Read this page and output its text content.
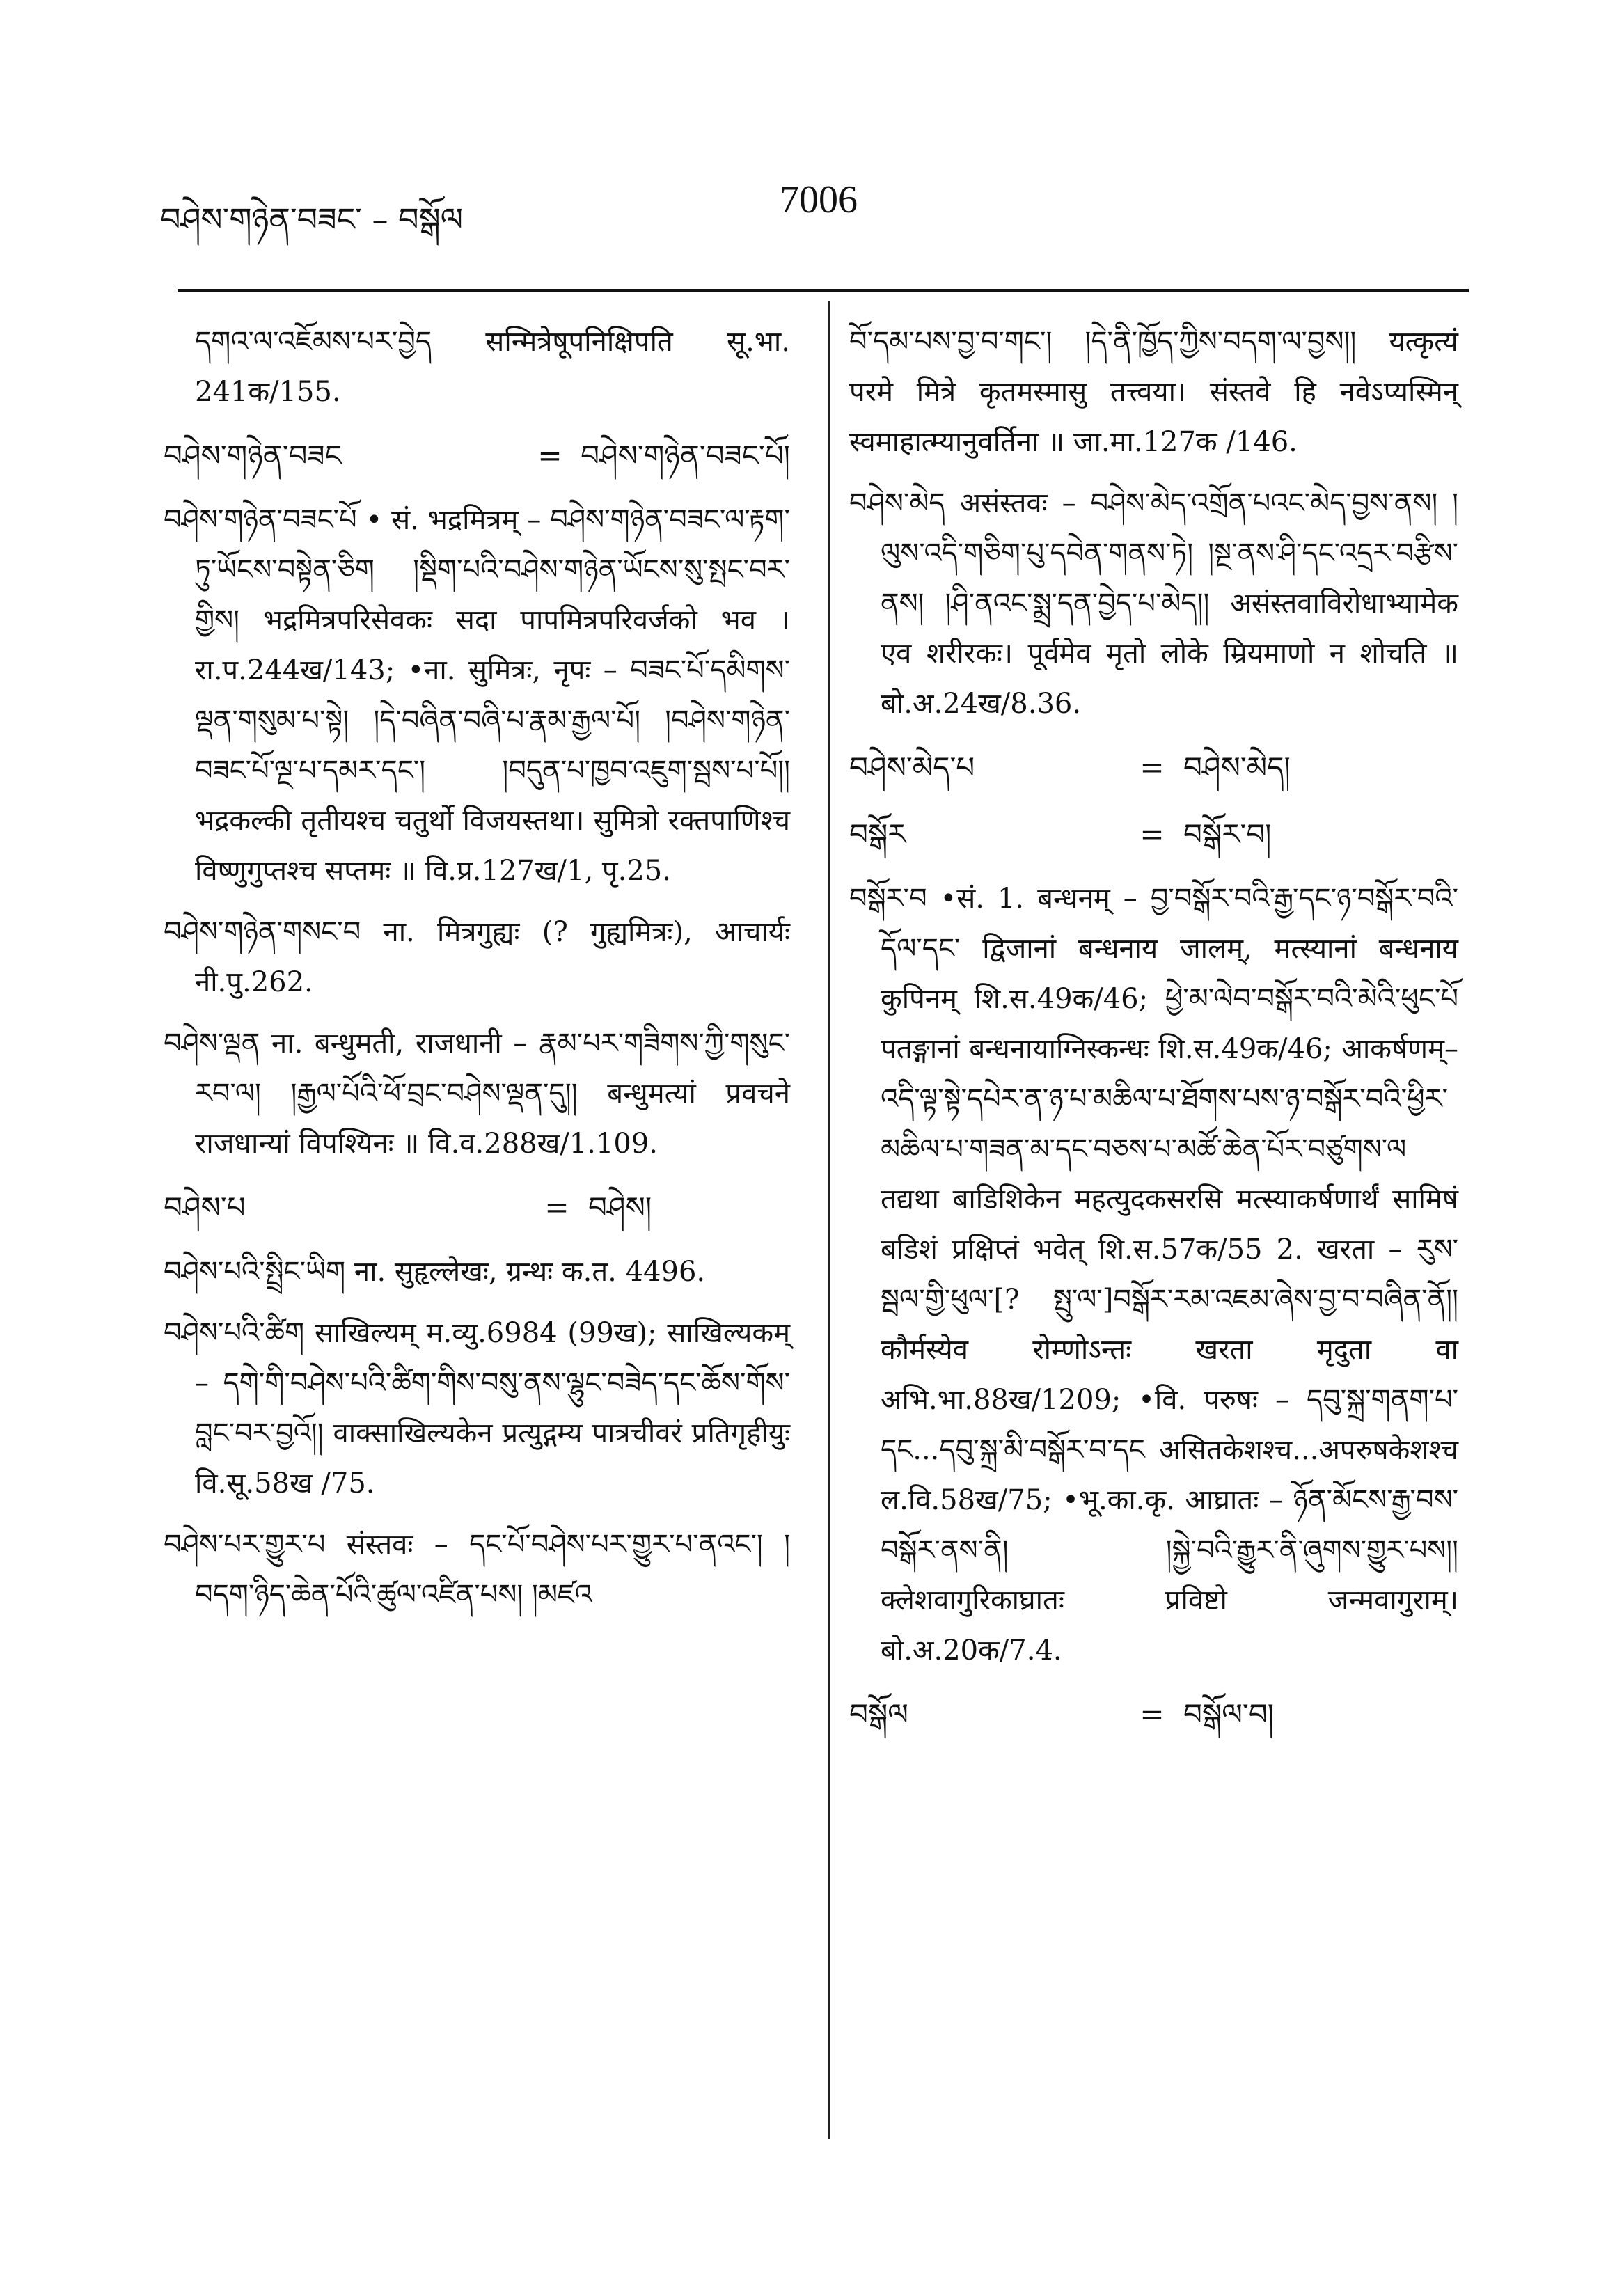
བཤེས་གཉེན་བཟང་ – བསྒོལ	7006

དགའ་ལ་འཇོམས་པར་བྱེད सन्मित्रेषूपनिक्षिपति सू.भा. 241क/155.

བཤེས་གཉེན་བཟང	= བཤེས་གཉེན་བཟང་པོ།

བཤེས་གཉེན་བཟང་པོ • सं. भद्रमित्रम् – བཤེས་གཉེན་བཟང་ལ་རྟག་ཏུ་ཡོངས་བསྟེན་ཅིག །སྡིག་པའི་བཤེས་གཉེན་ཡོངས་སུ་སྤང་བར་གྱིས། भद्रमित्रपरिसेवकः सदा पापमित्रपरिवर्जको भव । रा.प.244ख/143; •ना. सुमित्रः, नृपः – བཟང་པོ་དམིགས་ལྡན་གསུམ་པ་སྟེ། །དེ་བཞིན་བཞི་པ་རྣམ་རྒྱལ་པོ། །བཤེས་གཉེན་བཟང་པོ་ལྔ་པ་དམར་དང་། །བདུན་པ་ཁྱབ་འཇུག་སྦས་པ་པོ།། भद्रकल्की तृतीयश्च चतुर्थो विजयस्तथा। सुमित्रो रक्तपाणिश्च विष्णुगुप्तश्च सप्तमः ॥ वि.प्र.127ख/1, पृ.25.

བཤེས་གཉེན་གསང་བ ना. मित्रगुह्यः (? गुह्यमित्रः), आचार्यः नी.पु.262.

བཤེས་ལྡན ना. बन्धुमती, राजधानी – རྣམ་པར་གཟིགས་ཀྱི་གསུང་རབ་ལ། །རྒྱལ་པོའི་ཕོ་བྲང་བཤེས་ལྡན་དུ།། बन्धुमत्यां प्रवचने राजधान्यां विपश्यिनः ॥ वि.व.288ख/1.109.

བཤེས་པ	= བཤེས།

བཤེས་པའི་སྤྲིང་ཡིག ना. सुहृल्लेखः, ग्रन्थः क.त. 4496.

བཤེས་པའི་ཚིག साखिल्यम् म.व्यु.6984 (99ख); साखिल्यकम् – དགེ་གི་བཤེས་པའི་ཚིག་གིས་བསུ་ནས་ལྷུང་བཟེད་དང་ཆོས་གོས་བླང་བར་བྱའོ།། वाक्साखिल्यकेन प्रत्युद्गम्य पात्रचीवरं प्रतिगृहीयुः वि.सू.58ख /75.

བཤེས་པར་གྱུར་པ संस्तवः – དང་པོ་བཤེས་པར་གྱུར་པ་ནའང་། །བདག་ཉིད་ཆེན་པོའི་ཚུལ་འཛིན་པས། །མཛའ

བོ་དམ་པས་བྱ་བ་གང་། །དེ་ནི་ཁྱོད་ཀྱིས་བདག་ལ་བྱས།། यत्कृत्यं परमे मित्रे कृतमस्मासु तत्त्वया। संस्तवे हि नवेऽप्यस्मिन् स्वमाहात्म्यानुवर्तिना ॥ जा.मा.127क /146.

བཤེས་མེད असंस्तवः – བཤེས་མེད་འགྲོན་པའང་མེད་བྱས་ནས། །ལུས་འདི་གཅིག་པུ་དབེན་གནས་ཏེ། །སྔ་ནས་ཤི་དང་འདྲར་བརྩིས་ནས། །ཤི་ནའང་སྨྲ་དན་བྱེད་པ་མེད།། असंस्तवाविरोधाभ्यामेक एव शरीरकः। पूर्वमेव मृतो लोके म्रियमाणो न शोचति ॥ बो.अ.24ख/8.36.

བཤེས་མེད་པ	= བཤེས་མེད།
བསྒོར	= བསྒོར་བ།

བསྒོར་བ •सं. 1. बन्धनम् – བྱ་བསྒོར་བའི་རྒྱ་དང་ཉ་བསྒོར་བའི་དོལ་དང་ द्विजानां बन्धनाय जालम्, मत्स्यानां बन्धनाय कुपिनम् शि.स.49क/46; ཕྱེ་མ་ལེབ་བསྒོར་བའི་མེའི་ཕུང་པོ पतङ्गानां बन्धनायाग्निस्कन्धः शि.स.49क/46; आकर्षणम्–འདི་ལྟ་སྟེ་དཔེར་ན་ཉ་པ་མཆིལ་པ་ཐོགས་པས་ཉ་བསྒོར་བའི་ཕྱིར་མཆིལ་པ་གཟན་མ་དང་བཅས་པ་མཚོ་ཆེན་པོར་བཙུགས་ལ तद्यथा बाडिशिकेन महत्युदकसरसि मत्स्याकर्षणार्थं सामिषं बडिशं प्रक्षिप्तं भवेत् शि.स.57क/55 2. खरता – རུས་སྦལ་གྱི་ཕུལ་[? སྤུ་ལ་]བསྒོར་རམ་འཇམ་ཞེས་བྱ་བ་བཞིན་ནོ།། कौर्मस्येव रोम्णोऽन्तः खरता मृदुता वा अभि.भा.88ख/1209; •वि. परुषः – དབུ་སྐྲ་གནག་པ་དང...དབུ་སྐྲ་མི་བསྒོར་བ་དང असितकेशश्च...अपरुषकेशश्च ल.वि.58ख/75; •भू.का.कृ. आघ्रातः – ཉོན་མོངས་རྒྱ་བས་བསྒོར་ནས་ནི། །སྐྱེ་བའི་རྒྱུར་ནི་ཞུགས་གྱུར་པས།། क्लेशवागुरिकाघ्रातः प्रविष्टो जन्मवागुराम्। बो.अ.20क/7.4.

བསྒོལ	= བསྒོལ་བ།
